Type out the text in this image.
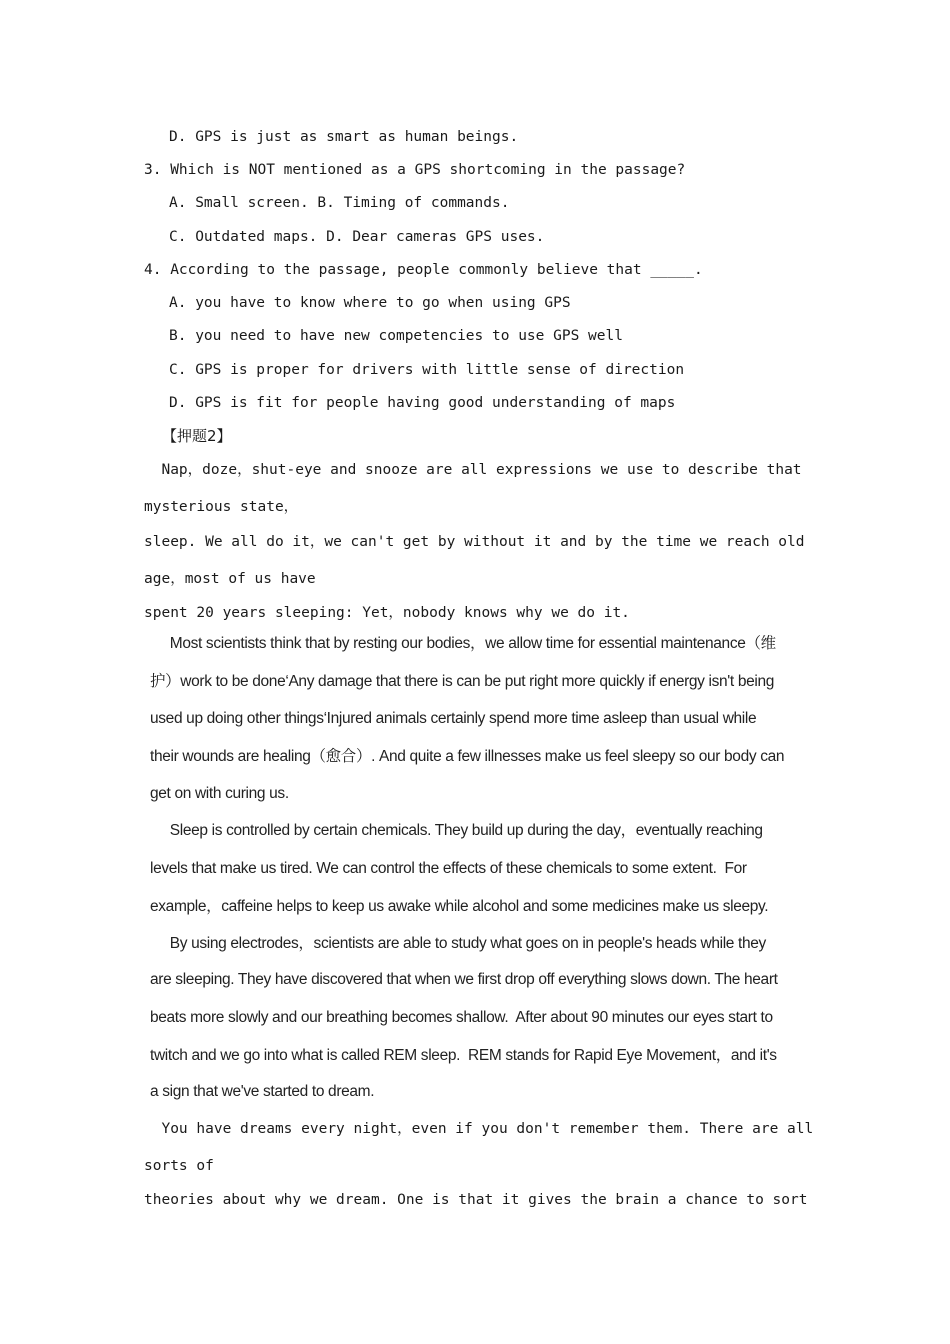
D. GPS is just as smart as human beings.
3. Which is NOT mentioned as a GPS shortcoming in the passage?
A. Small screen. B. Timing of commands.
C. Outdated maps. D. Dear cameras GPS uses.
4. According to the passage, people commonly believe that _____.
A. you have to know where to go when using GPS
B. you need to have new competencies to use GPS well
C. GPS is proper for drivers with little sense of direction
D. GPS is fit for people having good understanding of maps
【押题2】
Nap，doze，shut-eye and snooze are all expressions we use to describe that
mysterious state，
sleep. We all do it，we can't get by without it and by the time we reach old
age，most of us have
spent 20 years sleeping: Yet，nobody knows why we do it.
Most scientists think that by resting our bodies，we allow time for essential maintenance（维
护）work to be done‘Any damage that there is can be put right more quickly if energy isn't being
used up doing other things‘Injured animals certainly spend more time asleep than usual while
their wounds are healing（愈合）. And quite a few illnesses make us feel sleepy so our body can
get on with curing us.
Sleep is controlled by certain chemicals. They build up during the day，eventually reaching
levels that make us tired. We can control the effects of these chemicals to some extent.  For
example，caffeine helps to keep us awake while alcohol and some medicines make us sleepy.
By using electrodes，scientists are able to study what goes on in people's heads while they
are sleeping. They have discovered that when we first drop off everything slows down. The heart
beats more slowly and our breathing becomes shallow.  After about 90 minutes our eyes start to
twitch and we go into what is called REM sleep.  REM stands for Rapid Eye Movement，and it's
a sign that we've started to dream.
You have dreams every night，even if you don't remember them. There are all
sorts of
theories about why we dream. One is that it gives the brain a chance to sort
